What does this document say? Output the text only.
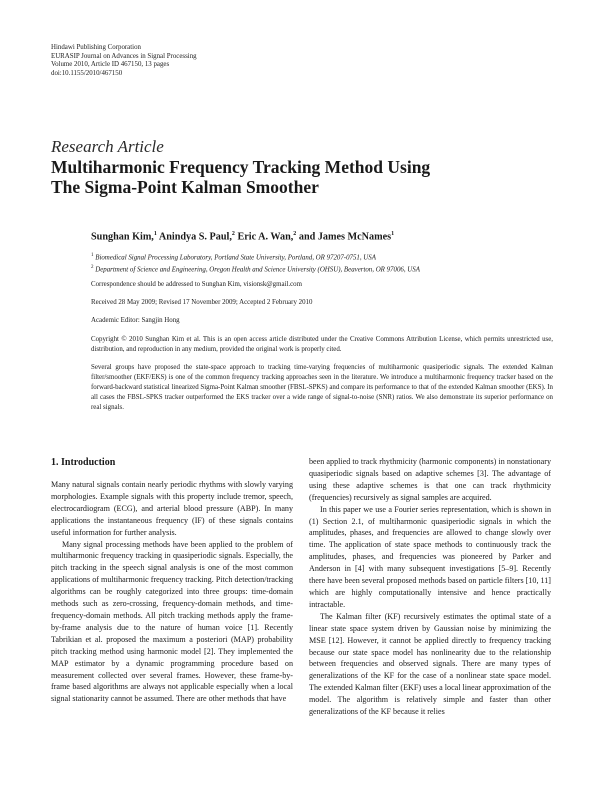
Hindawi Publishing Corporation
EURASIP Journal on Advances in Signal Processing
Volume 2010, Article ID 467150, 13 pages
doi:10.1155/2010/467150
Research Article
Multiharmonic Frequency Tracking Method Using
The Sigma-Point Kalman Smoother
Sunghan Kim,$^1$ Anindya S. Paul,$^2$ Eric A. Wan,$^2$ and James McNames$^1$
$^1$ Biomedical Signal Processing Laboratory, Portland State University, Portland, OR 97207-0751, USA
$^2$ Department of Science and Engineering, Oregon Health and Science University (OHSU), Beaverton, OR 97006, USA
Correspondence should be addressed to Sunghan Kim, visionsk@gmail.com
Received 28 May 2009; Revised 17 November 2009; Accepted 2 February 2010
Academic Editor: Sangjin Hong
Copyright © 2010 Sunghan Kim et al. This is an open access article distributed under the Creative Commons Attribution License, which permits unrestricted use, distribution, and reproduction in any medium, provided the original work is properly cited.
Several groups have proposed the state-space approach to tracking time-varying frequencies of multiharmonic quasiperiodic signals. The extended Kalman filter/smoother (EKF/EKS) is one of the common frequency tracking approaches seen in the literature. We introduce a multiharmonic frequency tracker based on the forward-backward statistical linearized Sigma-Point Kalman smoother (FBSL-SPKS) and compare its performance to that of the extended Kalman smoother (EKS). In all cases the FBSL-SPKS tracker outperformed the EKS tracker over a wide range of signal-to-noise (SNR) ratios. We also demonstrate its superior performance on real signals.
1. Introduction

Many natural signals contain nearly periodic rhythms with slowly varying morphologies. Example signals with this property include tremor, speech, electrocardiogram (ECG), and arterial blood pressure (ABP). In many applications the instantaneous frequency (IF) of these signals contains useful information for further analysis.

Many signal processing methods have been applied to the problem of multiharmonic frequency tracking in quasiperiodic signals. Especially, the pitch tracking in the speech signal analysis is one of the most common applications of multiharmonic frequency tracking. Pitch detection/tracking algorithms can be roughly categorized into three groups: time-domain methods such as zero-crossing, frequency-domain methods, and time-frequency-domain methods. All pitch tracking methods apply the frame-by-frame analysis due to the nature of human voice [1]. Recently Tabrikian et al. proposed the maximum a posteriori (MAP) probability pitch tracking method using harmonic model [2]. They implemented the MAP estimator by a dynamic programming procedure based on measurement collected over several frames. However, these frame-by-frame based algorithms are always not applicable especially when a local signal stationarity cannot be assumed. There are other methods that have

been applied to track rhythmicity (harmonic components) in nonstationary quasiperiodic signals based on adaptive schemes [3]. The advantage of using these adaptive schemes is that one can track rhythmicity (frequencies) recursively as signal samples are acquired.

In this paper we use a Fourier series representation, which is shown in (1) Section 2.1, of multiharmonic quasiperiodic signals in which the amplitudes, phases, and frequencies are allowed to change slowly over time. The application of state space methods to continuously track the amplitudes, phases, and frequencies was pioneered by Parker and Anderson in [4] with many subsequent investigations [5–9]. Recently there have been several proposed methods based on particle filters [10, 11] which are highly computationally intensive and hence practically intractable.

The Kalman filter (KF) recursively estimates the optimal state of a linear state space system driven by Gaussian noise by minimizing the MSE [12]. However, it cannot be applied directly to frequency tracking because our state space model has nonlinearity due to the relationship between frequencies and observed signals. There are many types of generalizations of the KF for the case of a nonlinear state space model. The extended Kalman filter (EKF) uses a local linear approximation of the model. The algorithm is relatively simple and faster than other generalizations of the KF because it relies
